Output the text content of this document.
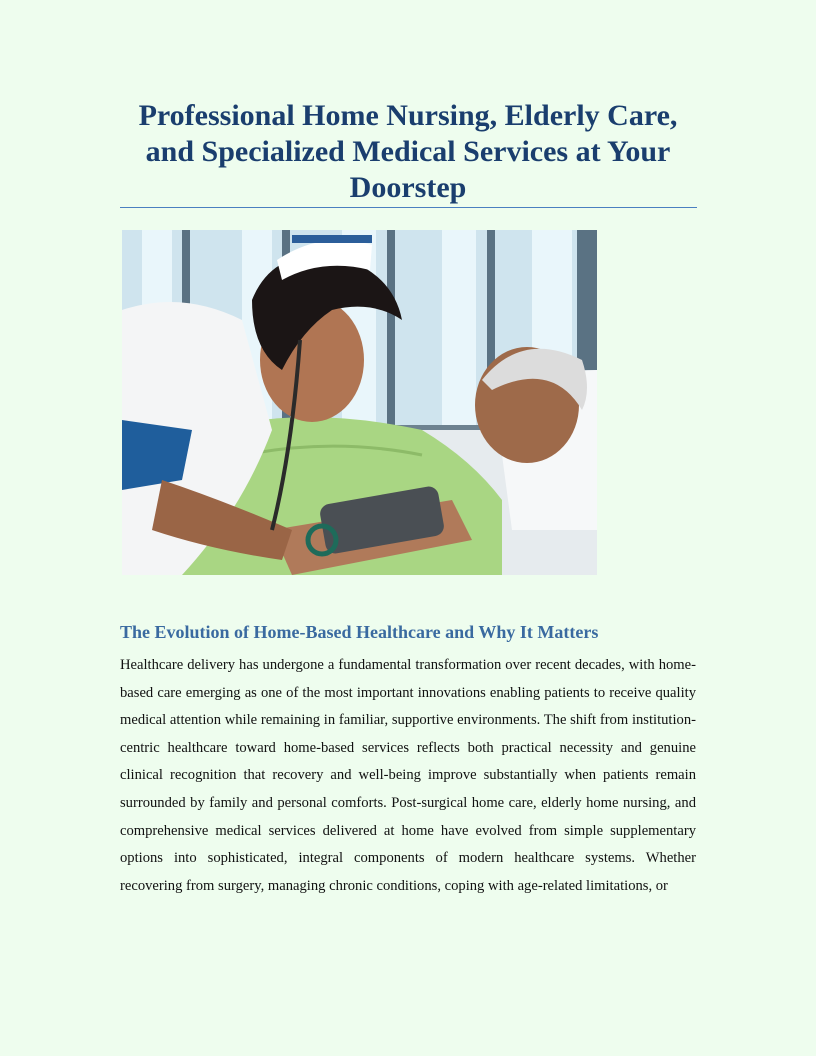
Professional Home Nursing, Elderly Care, and Specialized Medical Services at Your Doorstep
The Evolution of Home-Based Healthcare and Why It Matters

Healthcare delivery has undergone a fundamental transformation over recent decades, with home-based care emerging as one of the most important innovations enabling patients to receive quality medical attention while remaining in familiar, supportive environments. The shift from institution-centric healthcare toward home-based services reflects both practical necessity and genuine clinical recognition that recovery and well-being improve substantially when patients remain surrounded by family and personal comforts. Post-surgical home care, elderly home nursing, and comprehensive medical services delivered at home have evolved from simple supplementary options into sophisticated, integral components of modern healthcare systems. Whether recovering from surgery, managing chronic conditions, coping with age-related limitations, or
